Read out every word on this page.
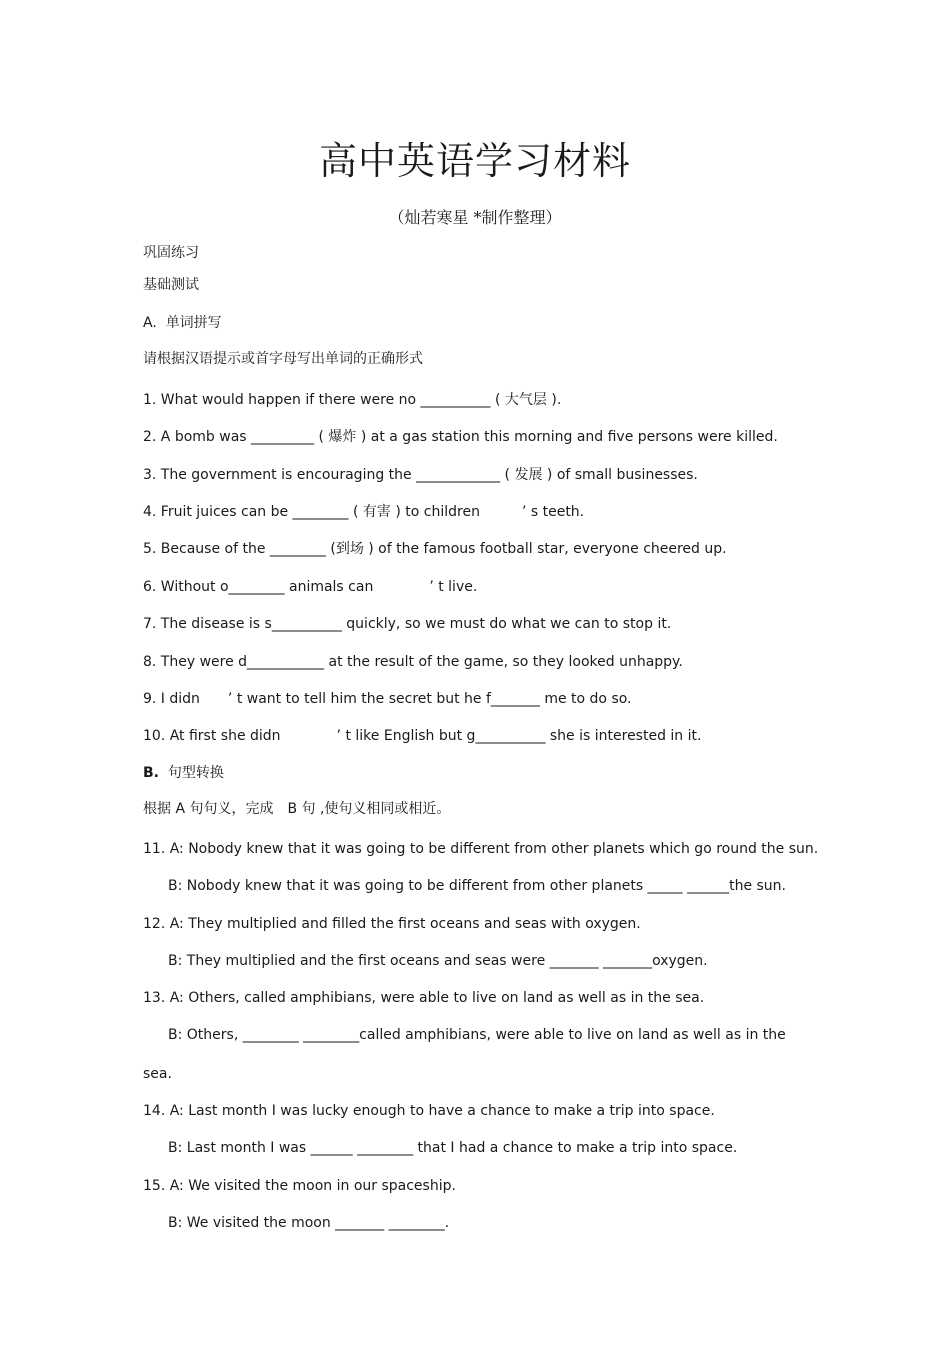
高中英语学习材料
（灿若寒星 *制作整理）
巩固练习
基础测试
A. 单词拼写
请根据汉语提示或首字母写出单词的正确形式
1. What would happen if there were no __________ ( 大气层 ).
2. A bomb was _________ ( 爆炸 ) at a gas station this morning and five persons were killed.
3. The government is encouraging the ____________ ( 发展 ) of small businesses.
4. Fruit juices can be ________ ( 有害 ) to children　　　’ s teeth.
5. Because of the ________ (到场 ) of the famous football star, everyone cheered up.
6. Without o________ animals can　　　　’ t live.
7. The disease is s__________ quickly, so we must do what we can to stop it.
8. They were d___________ at the result of the game, so they looked unhappy.
9. I didn　　’ t want to tell him the secret but he f_______ me to do so.
10. At first she didn　　　　’ t like English but g__________ she is interested in it.
B. 句型转换
根据 A 句句义，完成　B 句 ,使句义相同或相近。
11. A: Nobody knew that it was going to be different from other planets which go round the sun.
B: Nobody knew that it was going to be different from other planets _____ ______the sun.
12. A: They multiplied and filled the first oceans and seas with oxygen.
B: They multiplied and the first oceans and seas were _______ _______oxygen.
13. A: Others, called amphibians, were able to live on land as well as in the sea.
B: Others, ________ ________called amphibians, were able to live on land as well as in the
sea.
14. A: Last month I was lucky enough to have a chance to make a trip into space.
B: Last month I was ______ ________ that I had a chance to make a trip into space.
15. A: We visited the moon in our spaceship.
B: We visited the moon _______ ________.
